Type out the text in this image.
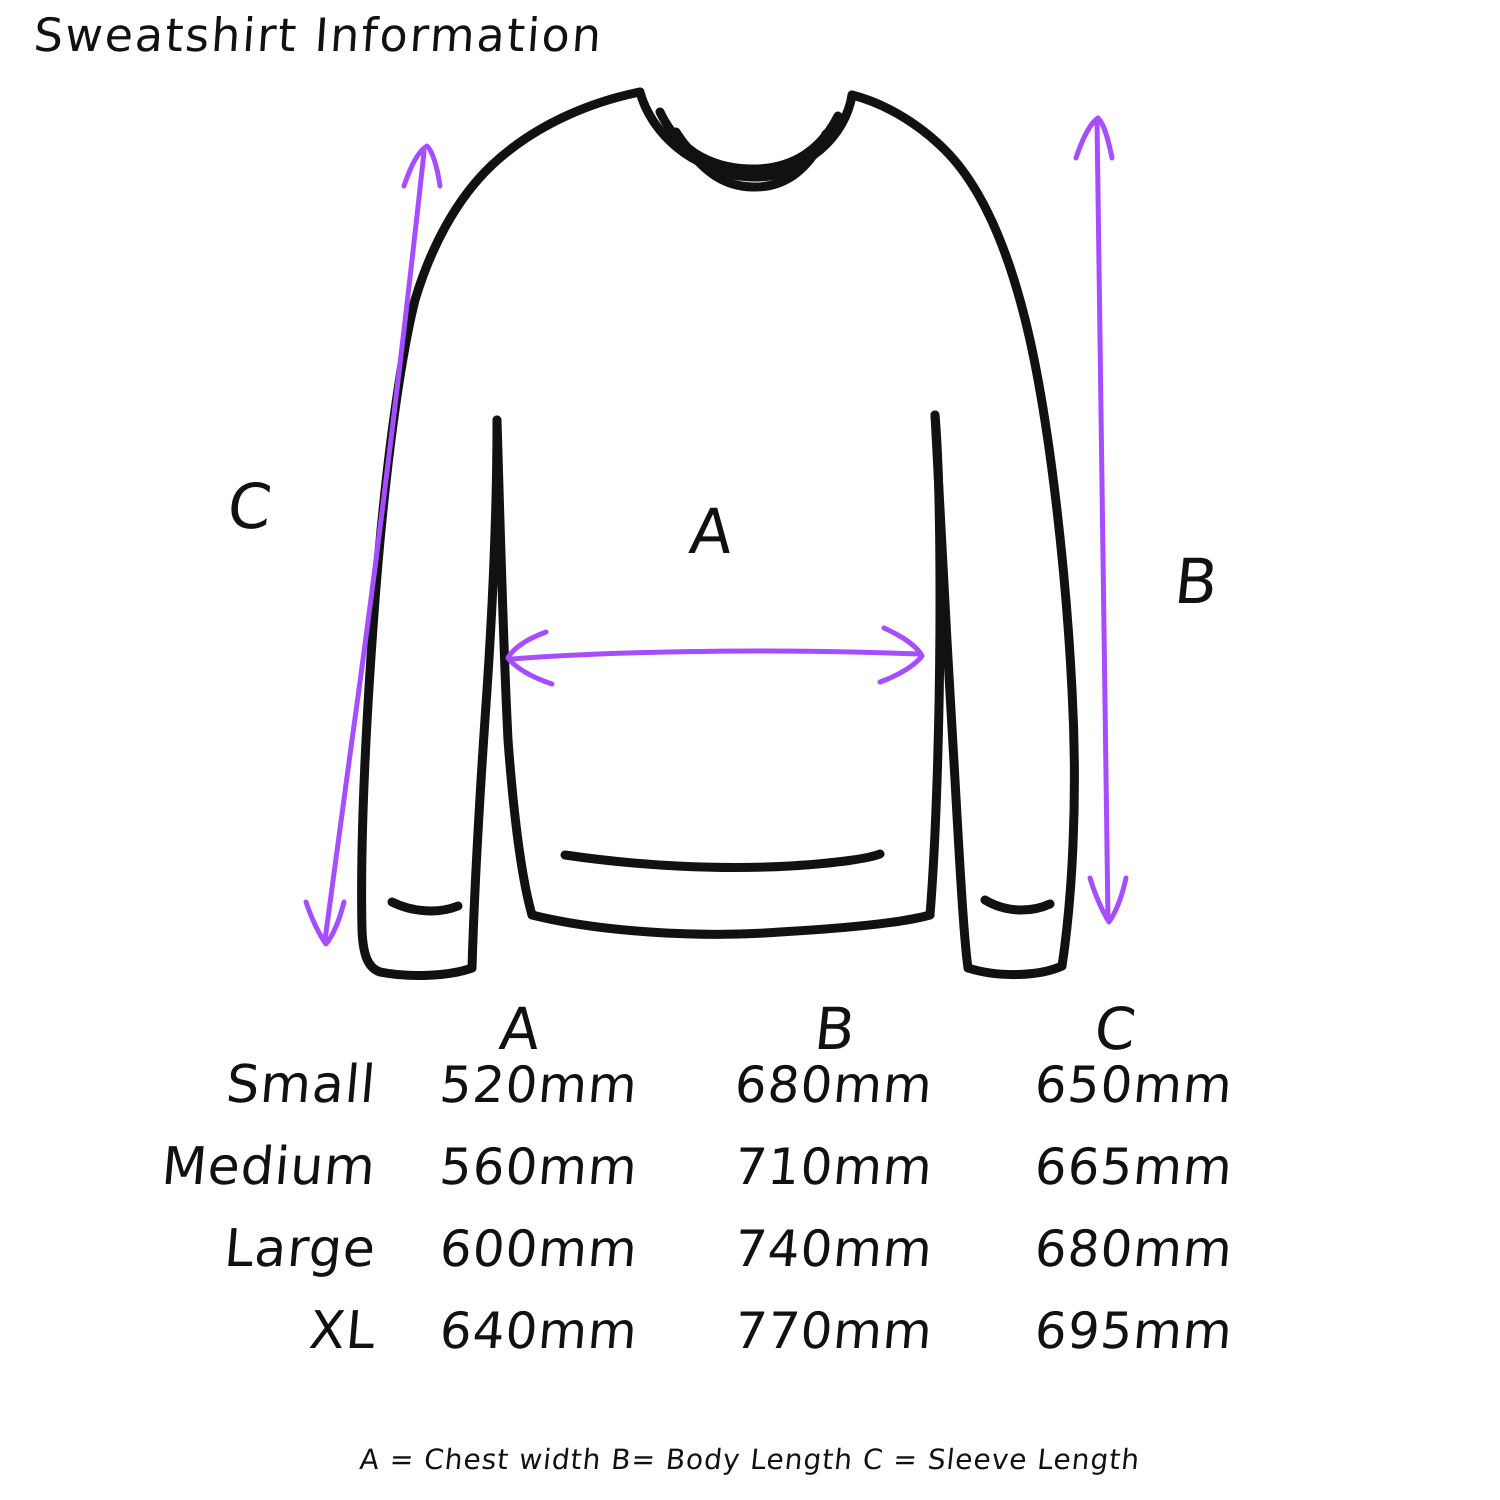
Sweatshirt Information
A
B
C
A	B	C
Small	520mm	680mm	650mm
Medium	560mm	710mm	665mm
Large	600mm	740mm	680mm
XL	640mm	770mm	695mm
A = Chest width B= Body Length C = Sleeve Length
